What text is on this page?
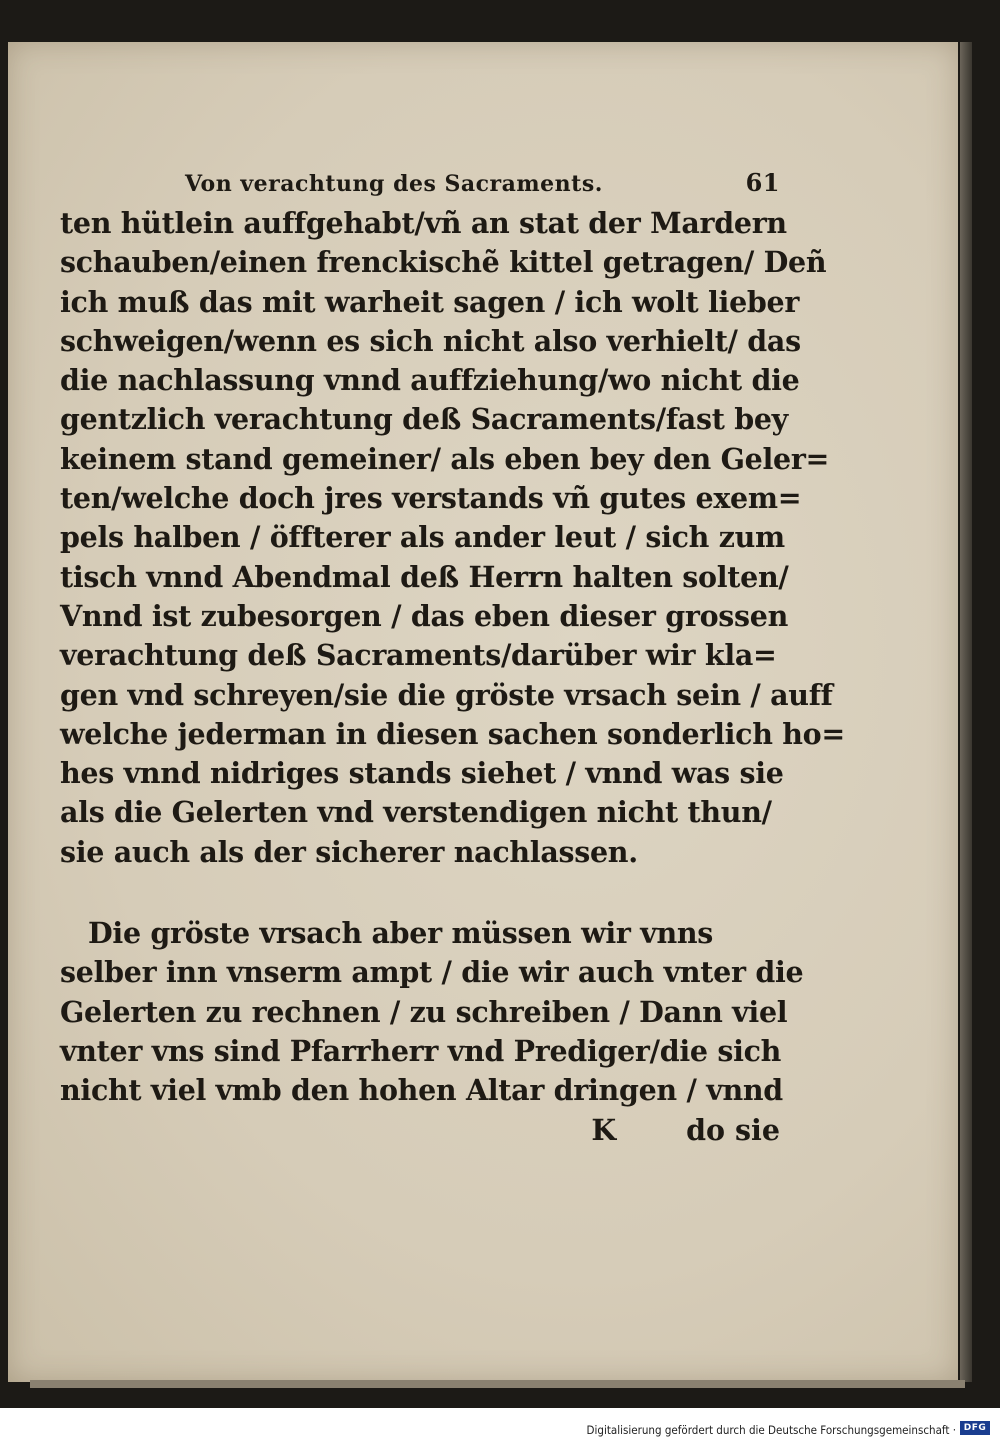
Von verachtung des Sacraments.	61
ten hütlein auffgehabt/vñ an stat der Mardern
schauben/einen frenckischẽ kittel getragen/ Deñ
ich muß das mit warheit sagen / ich wolt lieber
schweigen/wenn es sich nicht also verhielt/ das
die nachlassung vnnd auffziehung/wo nicht die
gentzlich verachtung deß Sacraments/fast bey
keinem stand gemeiner/ als eben bey den Geler=
ten/welche doch jres verstands vñ gutes exem=
pels halben / öffterer als ander leut / sich zum
tisch vnnd Abendmal deß Herrn halten solten/
Vnnd ist zubesorgen / das eben dieser grossen
verachtung deß Sacraments/darüber wir kla=
gen vnd schreyen/sie die gröste vrsach sein / auff
welche jederman in diesen sachen sonderlich ho=
hes vnnd nidriges stands siehet / vnnd was sie
als die Gelerten vnd verstendigen nicht thun/
sie auch als der sicherer nachlassen.
Die gröste vrsach aber müssen wir vnns
selber inn vnserm ampt / die wir auch vnter die
Gelerten zu rechnen / zu schreiben / Dann viel
vnter vns sind Pfarrherr vnd Prediger/die sich
nicht viel vmb den hohen Altar dringen / vnnd
K do sie
Digitalisierung gefördert durch die Deutsche Forschungsgemeinschaft · DFG
